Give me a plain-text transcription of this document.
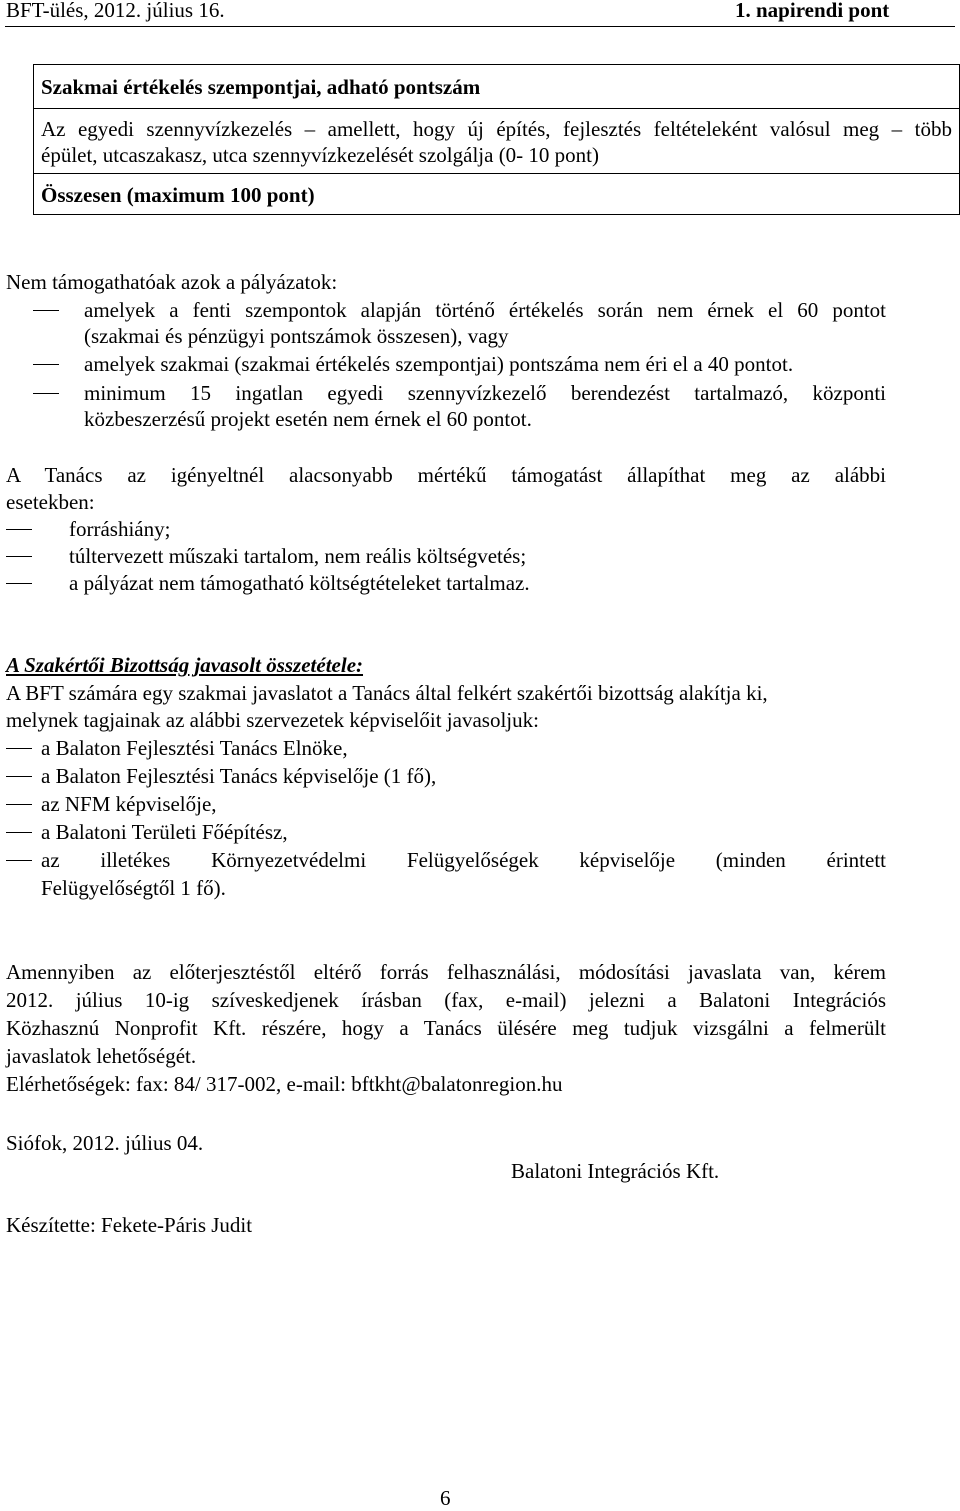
BFT-ülés, 2012. július 16.	1. napirendi pont
Szakmai értékelés szempontjai, adható pontszám
Az egyedi szennyvízkezelés – amellett, hogy új építés, fejlesztés feltételeként valósul meg – több
épület, utcaszakasz, utca szennyvízkezelését szolgálja (0- 10 pont)
Összesen (maximum 100 pont)
Nem támogathatóak azok a pályázatok:
amelyek a fenti szempontok alapján történő értékelés során nem érnek el 60 pontot
(szakmai és pénzügyi pontszámok összesen), vagy
amelyek szakmai (szakmai értékelés szempontjai) pontszáma nem éri el a 40 pontot.
minimum 15 ingatlan egyedi szennyvízkezelő berendezést tartalmazó, központi
közbeszerzésű projekt esetén nem érnek el 60 pontot.
A Tanács az igényeltnél alacsonyabb mértékű támogatást állapíthat meg az alábbi
esetekben:
forráshiány;
túltervezett műszaki tartalom, nem reális költségvetés;
a pályázat nem támogatható költségtételeket tartalmaz.
A Szakértői Bizottság javasolt összetétele:
A BFT számára egy szakmai javaslatot a Tanács által felkért szakértői bizottság alakítja ki,
melynek tagjainak az alábbi szervezetek képviselőit javasoljuk:
a Balaton Fejlesztési Tanács Elnöke,
a Balaton Fejlesztési Tanács képviselője (1 fő),
az NFM képviselője,
a Balatoni Területi Főépítész,
az illetékes Környezetvédelmi Felügyelőségek képviselője (minden érintett
Felügyelőségtől 1 fő).
Amennyiben az előterjesztéstől eltérő forrás felhasználási, módosítási javaslata van, kérem
2012. július 10-ig szíveskedjenek írásban (fax, e-mail) jelezni a Balatoni Integrációs
Közhasznú Nonprofit Kft. részére, hogy a Tanács ülésére meg tudjuk vizsgálni a felmerült
javaslatok lehetőségét.
Elérhetőségek: fax: 84/ 317-002, e-mail: bftkht@balatonregion.hu
Siófok, 2012. július 04.
Balatoni Integrációs Kft.
Készítette: Fekete-Páris Judit
6
